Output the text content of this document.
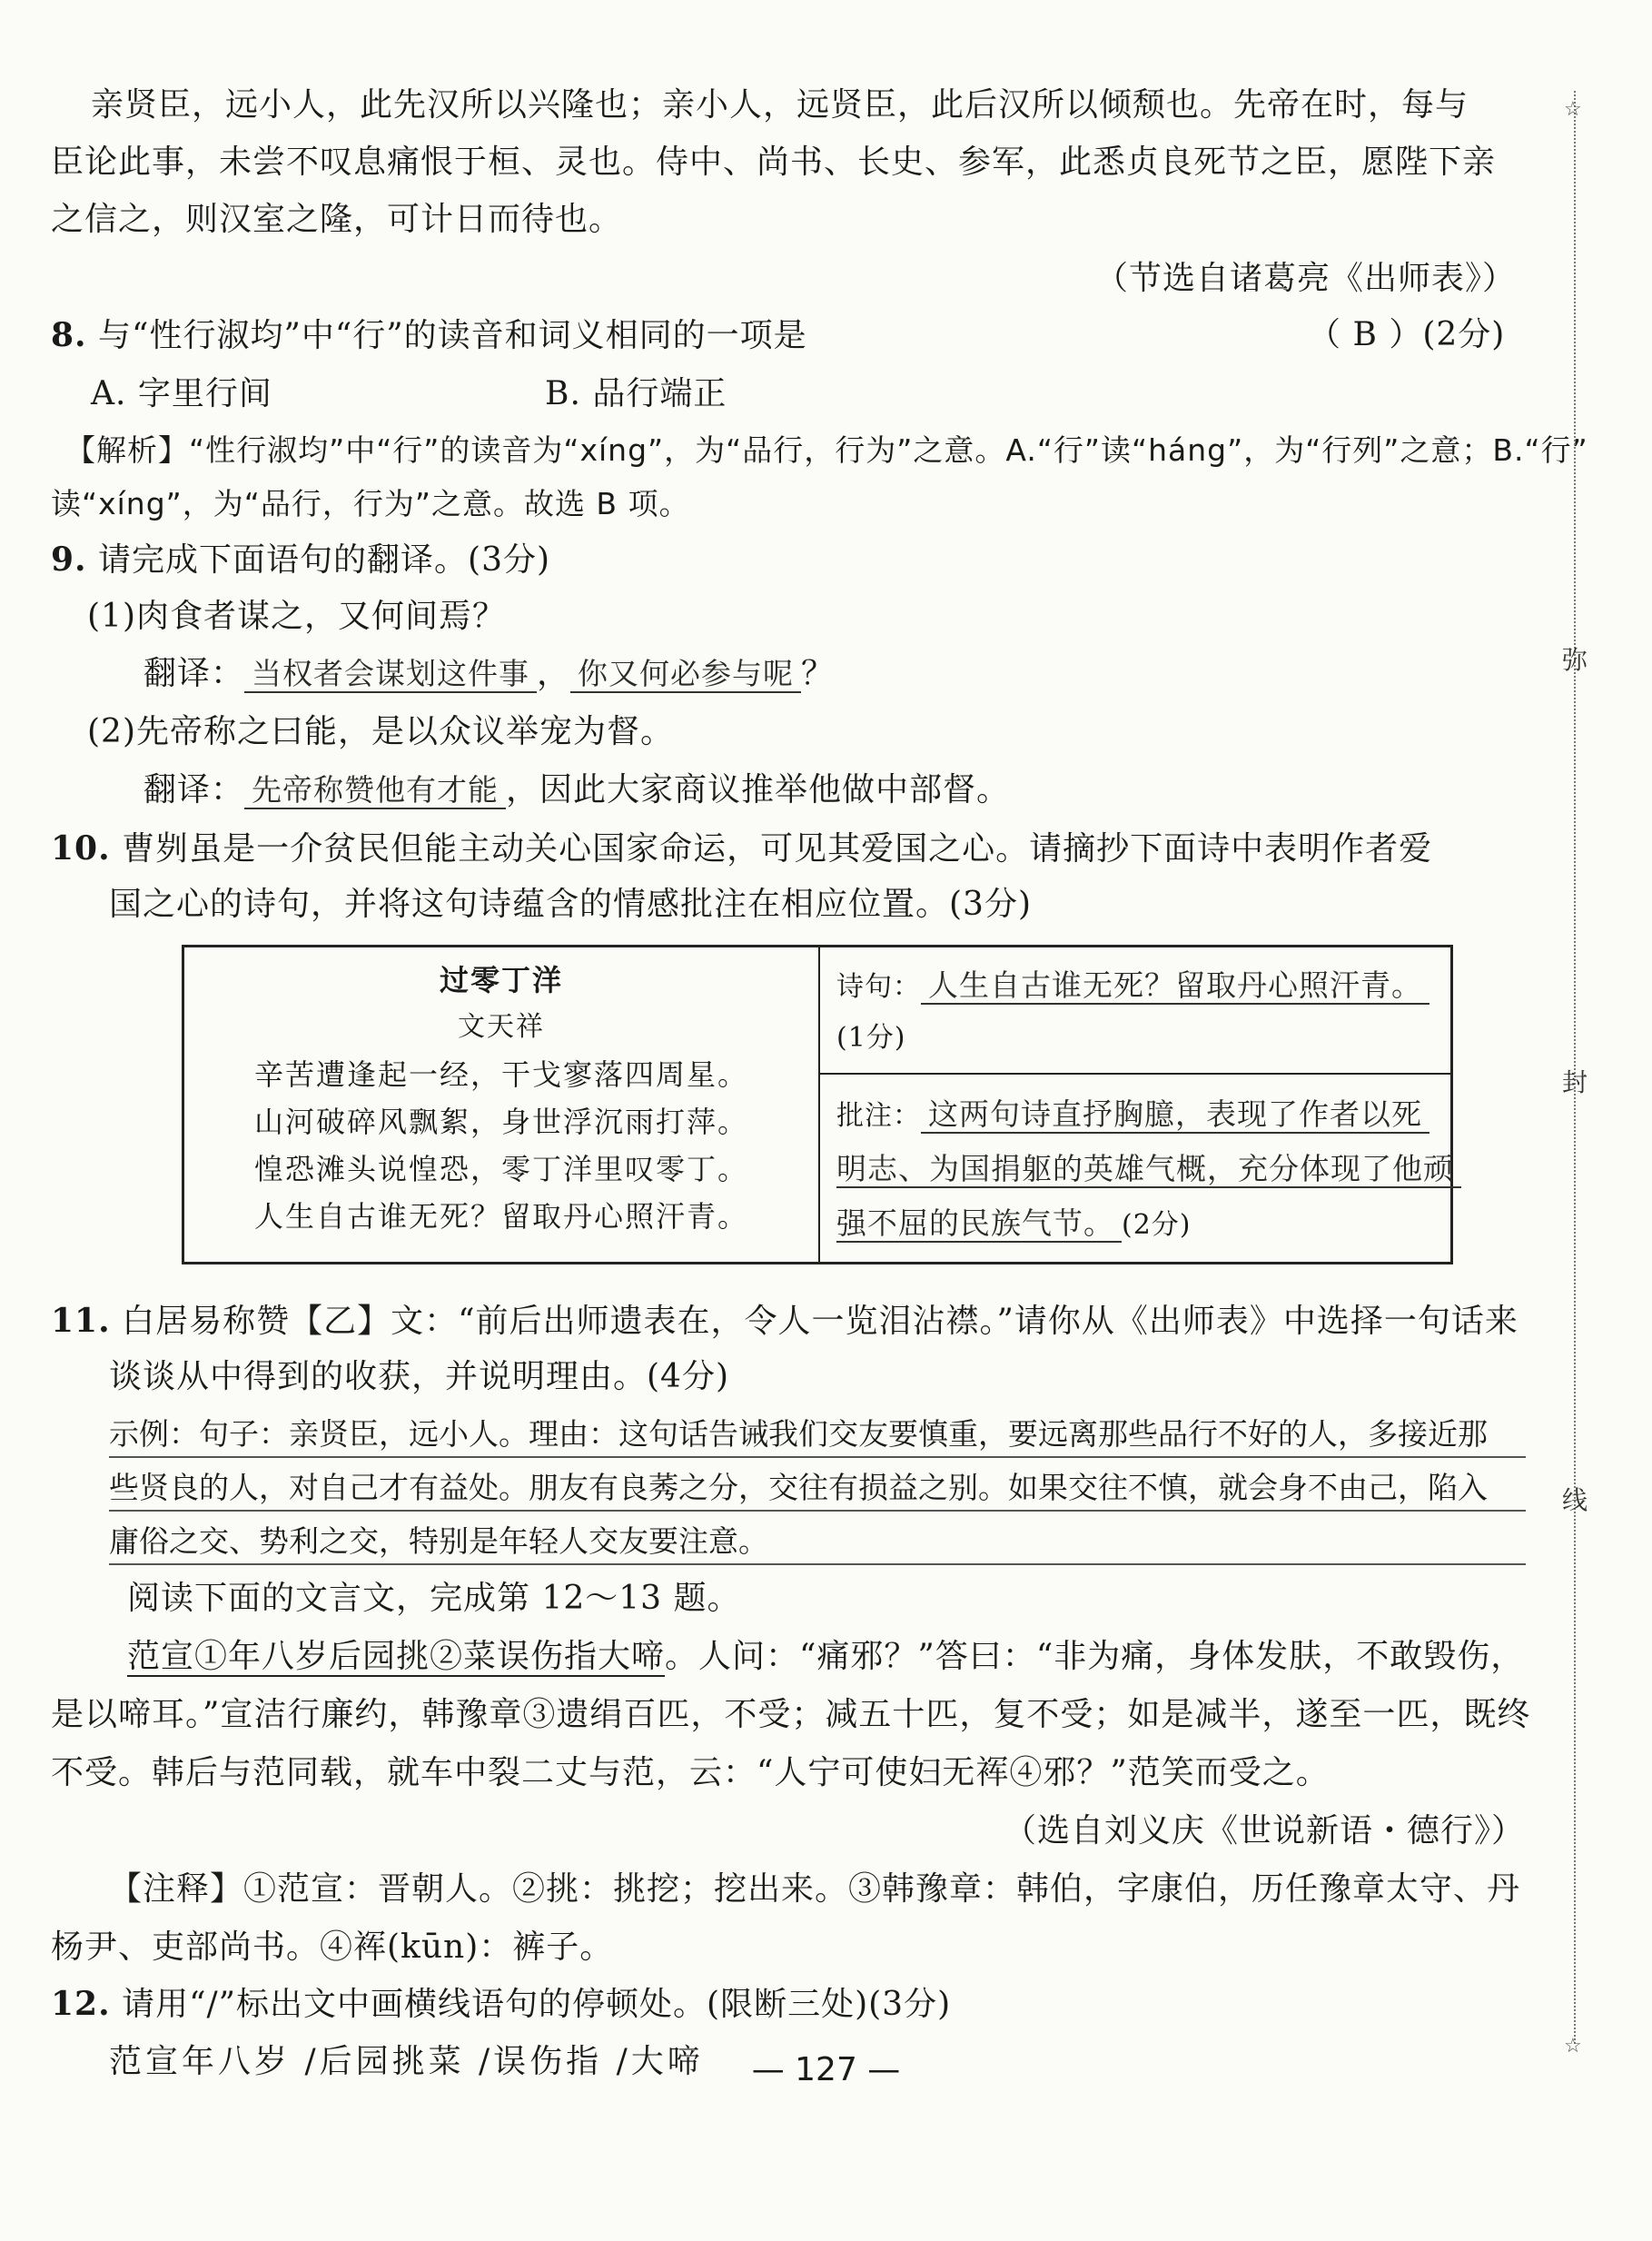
亲贤臣，远小人，此先汉所以兴隆也；亲小人，远贤臣，此后汉所以倾颓也。先帝在时，每与
臣论此事，未尝不叹息痛恨于桓、灵也。侍中、尚书、长史、参军，此悉贞良死节之臣，愿陛下亲
之信之，则汉室之隆，可计日而待也。
（节选自诸葛亮《出师表》）
8. 与“性行淑均”中“行”的读音和词义相同的一项是	（ B ）(2分)
A. 字里行间	B. 品行端正
【解析】“性行淑均”中“行”的读音为“xíng”，为“品行，行为”之意。A.“行”读“háng”，为“行列”之意；B.“行”
读“xíng”，为“品行，行为”之意。故选 B 项。
9. 请完成下面语句的翻译。(3分)
(1)肉食者谋之，又何间焉？
翻译： 当权者会谋划这件事 ， 你又何必参与呢 ？
(2)先帝称之曰能，是以众议举宠为督。
翻译： 先帝称赞他有才能 ，因此大家商议推举他做中部督。
10. 曹刿虽是一介贫民但能主动关心国家命运，可见其爱国之心。请摘抄下面诗中表明作者爱
国之心的诗句，并将这句诗蕴含的情感批注在相应位置。(3分)
过零丁洋
文天祥
辛苦遭逢起一经，干戈寥落四周星。
山河破碎风飘絮，身世浮沉雨打萍。
惶恐滩头说惶恐，零丁洋里叹零丁。
人生自古谁无死？留取丹心照汗青。
诗句： 人生自古谁无死？留取丹心照汗青。
(1分)
批注： 这两句诗直抒胸臆，表现了作者以死
明志、为国捐躯的英雄气概，充分体现了他顽
强不屈的民族气节。 (2分)
11. 白居易称赞【乙】文：“前后出师遗表在，令人一览泪沾襟。”请你从《出师表》中选择一句话来
谈谈从中得到的收获，并说明理由。(4分)
示例：句子：亲贤臣，远小人。理由：这句话告诫我们交友要慎重，要远离那些品行不好的人，多接近那
些贤良的人，对自己才有益处。朋友有良莠之分，交往有损益之别。如果交往不慎，就会身不由己，陷入
庸俗之交、势利之交，特别是年轻人交友要注意。
阅读下面的文言文，完成第 12～13 题。
范宣①年八岁后园挑②菜误伤指大啼。人问：“痛邪？”答曰：“非为痛，身体发肤，不敢毁伤，
是以啼耳。”宣洁行廉约，韩豫章③遗绢百匹，不受；减五十匹，复不受；如是减半，遂至一匹，既终
不受。韩后与范同载，就车中裂二丈与范，云：“人宁可使妇无裈④邪？”范笑而受之。
（选自刘义庆《世说新语・德行》）
【注释】①范宣：晋朝人。②挑：挑挖；挖出来。③韩豫章：韩伯，字康伯，历任豫章太守、丹
杨尹、吏部尚书。④裈(kūn)：裤子。
12. 请用“/”标出文中画横线语句的停顿处。(限断三处)(3分)
范宣年八岁 /后园挑菜 /误伤指 /大啼	— 127 —
☆
☆
弥
封
线
